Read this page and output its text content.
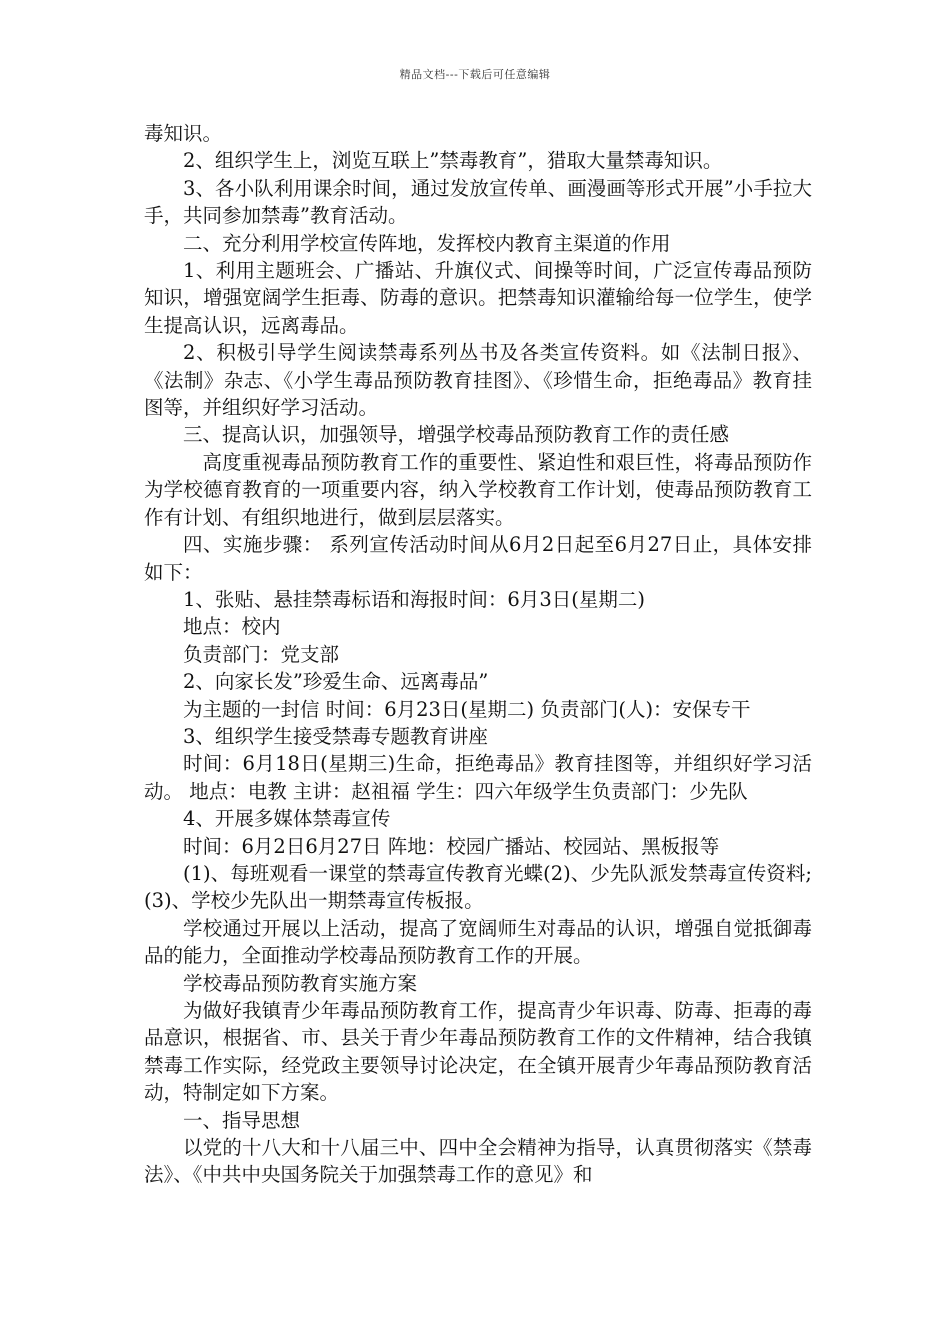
精品文档---下载后可任意编辑

毒知识。

2、组织学生上，浏览互联上”禁毒教育”，猎取大量禁毒知识。

3、各小队利用课余时间，通过发放宣传单、画漫画等形式开展”小手拉大手，共同参加禁毒”教育活动。

二、充分利用学校宣传阵地，发挥校内教育主渠道的作用

1、利用主题班会、广播站、升旗仪式、间操等时间，广泛宣传毒品预防知识，增强宽阔学生拒毒、防毒的意识。把禁毒知识灌输给每一位学生，使学生提高认识，远离毒品。

2、积极引导学生阅读禁毒系列丛书及各类宣传资料。如《法制日报》、《法制》杂志、《小学生毒品预防教育挂图》、《珍惜生命，拒绝毒品》教育挂图等，并组织好学习活动。

三、提高认识，加强领导，增强学校毒品预防教育工作的责任感

高度重视毒品预防教育工作的重要性、紧迫性和艰巨性，将毒品预防作为学校德育教育的一项重要内容，纳入学校教育工作计划，使毒品预防教育工作有计划、有组织地进行，做到层层落实。

四、实施步骤： 系列宣传活动时间从6月2日起至6月27日止，具体安排如下：

1、张贴、悬挂禁毒标语和海报时间：6月3日(星期二)

地点：校内

负责部门：党支部

2、向家长发”珍爱生命、远离毒品”

为主题的一封信 时间：6月23日(星期二) 负责部门(人)：安保专干

3、组织学生接受禁毒专题教育讲座

时间：6月18日(星期三)生命，拒绝毒品》教育挂图等，并组织好学习活动。 地点：电教 主讲：赵祖福 学生：四六年级学生负责部门：少先队

4、开展多媒体禁毒宣传

时间：6月2日6月27日 阵地：校园广播站、校园站、黑板报等

(1)、每班观看一课堂的禁毒宣传教育光蝶(2)、少先队派发禁毒宣传资料;(3)、学校少先队出一期禁毒宣传板报。

学校通过开展以上活动，提高了宽阔师生对毒品的认识，增强自觉抵御毒品的能力，全面推动学校毒品预防教育工作的开展。

学校毒品预防教育实施方案

为做好我镇青少年毒品预防教育工作，提高青少年识毒、防毒、拒毒的毒品意识，根据省、市、县关于青少年毒品预防教育工作的文件精神，结合我镇禁毒工作实际，经党政主要领导讨论决定，在全镇开展青少年毒品预防教育活动，特制定如下方案。

一、指导思想

以党的十八大和十八届三中、四中全会精神为指导，认真贯彻落实《禁毒法》、《中共中央国务院关于加强禁毒工作的意见》和
